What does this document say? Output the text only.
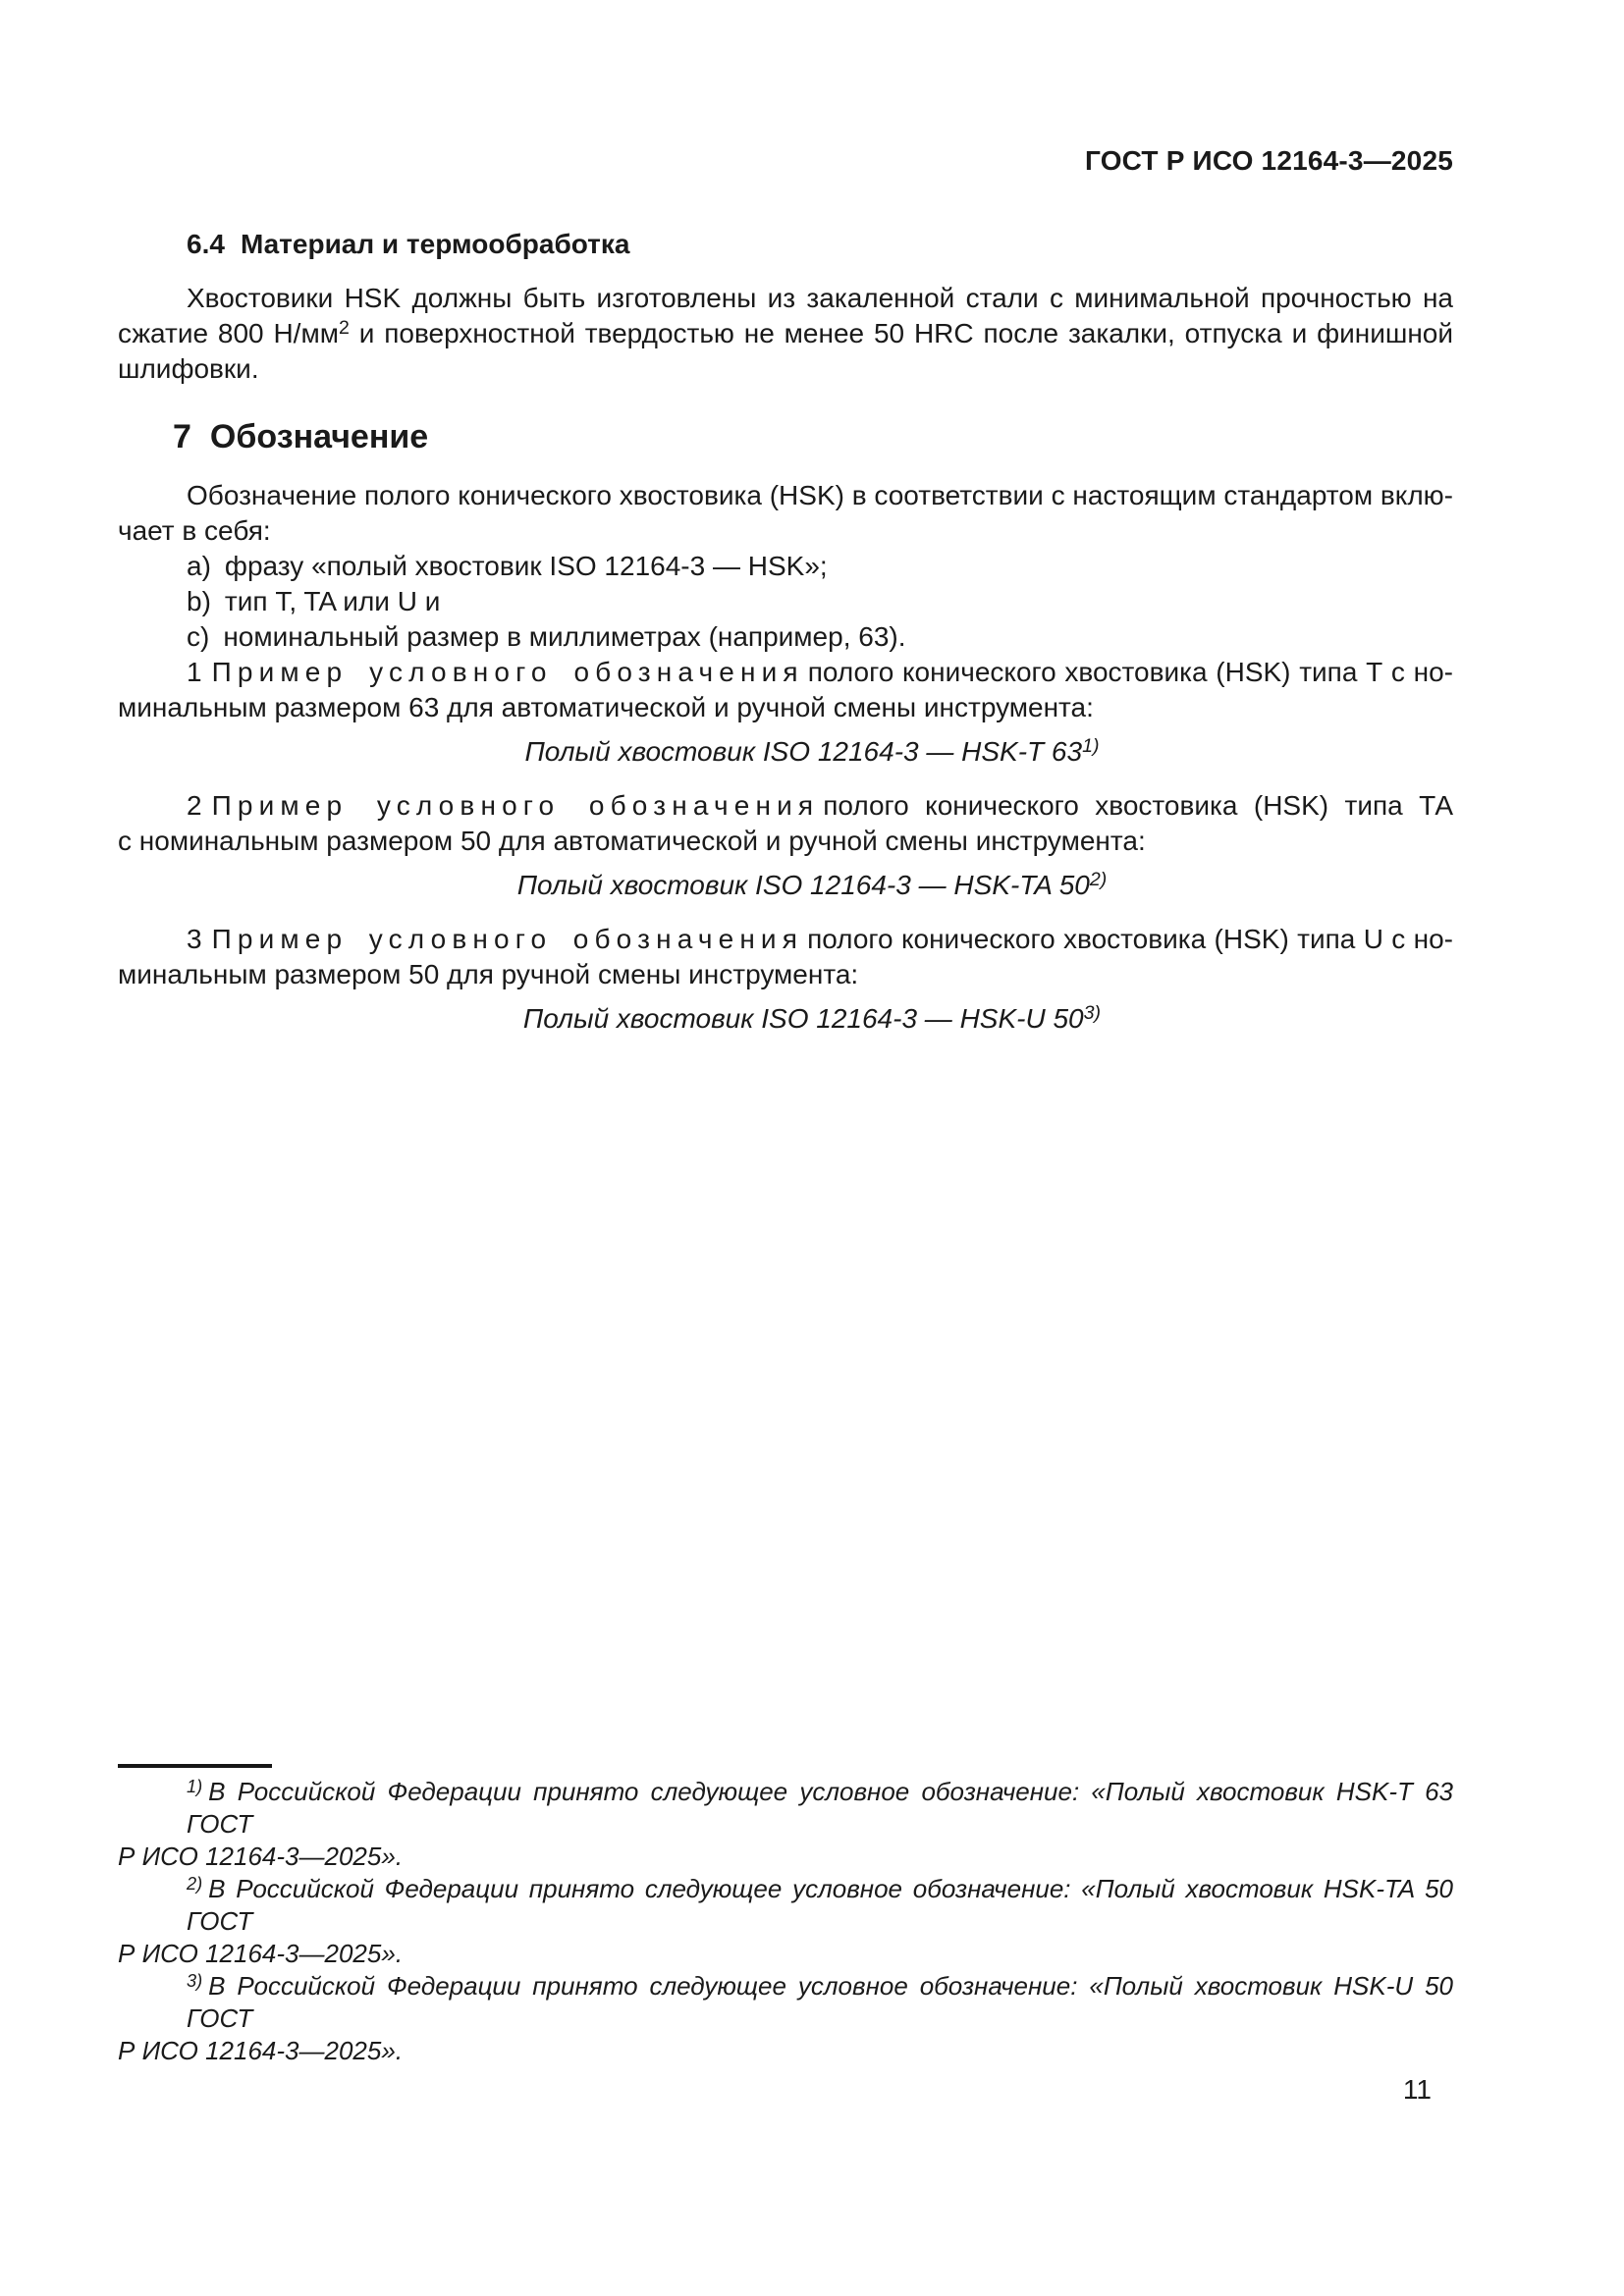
ГОСТ Р ИСО 12164-3—2025
6.4 Материал и термообработка
Хвостовики HSK должны быть изготовлены из закаленной стали с минимальной прочностью на
сжатие 800 Н/мм2 и поверхностной твердостью не менее 50 HRC после закалки, отпуска и финишной
шлифовки.
7 Обозначение
Обозначение полого конического хвостовика (HSK) в соответствии с настоящим стандартом вклю-
чает в себя:
a) фразу «полый хвостовик ISO 12164-3 — HSK»;
b) тип T, TA или U и
c) номинальный размер в миллиметрах (например, 63).
1 Пример условного обозначения полого конического хвостовика (HSK) типа Т с но-
минальным размером 63 для автоматической и ручной смены инструмента:
Полый хвостовик ISO 12164-3 — HSK-T 631)
2 Пример условного обозначения полого конического хвостовика (HSK) типа ТА
с номинальным размером 50 для автоматической и ручной смены инструмента:
Полый хвостовик ISO 12164-3 — HSK-TA 502)
3 Пример условного обозначения полого конического хвостовика (HSK) типа U с но-
минальным размером 50 для ручной смены инструмента:
Полый хвостовик ISO 12164-3 — HSK-U 503)
1) В Российской Федерации принято следующее условное обозначение: «Полый хвостовик HSK-T 63 ГОСТ
Р ИСО 12164-3—2025».
2) В Российской Федерации принято следующее условное обозначение: «Полый хвостовик HSK-TA 50 ГОСТ
Р ИСО 12164-3—2025».
3) В Российской Федерации принято следующее условное обозначение: «Полый хвостовик HSK-U 50 ГОСТ
Р ИСО 12164-3—2025».
11
